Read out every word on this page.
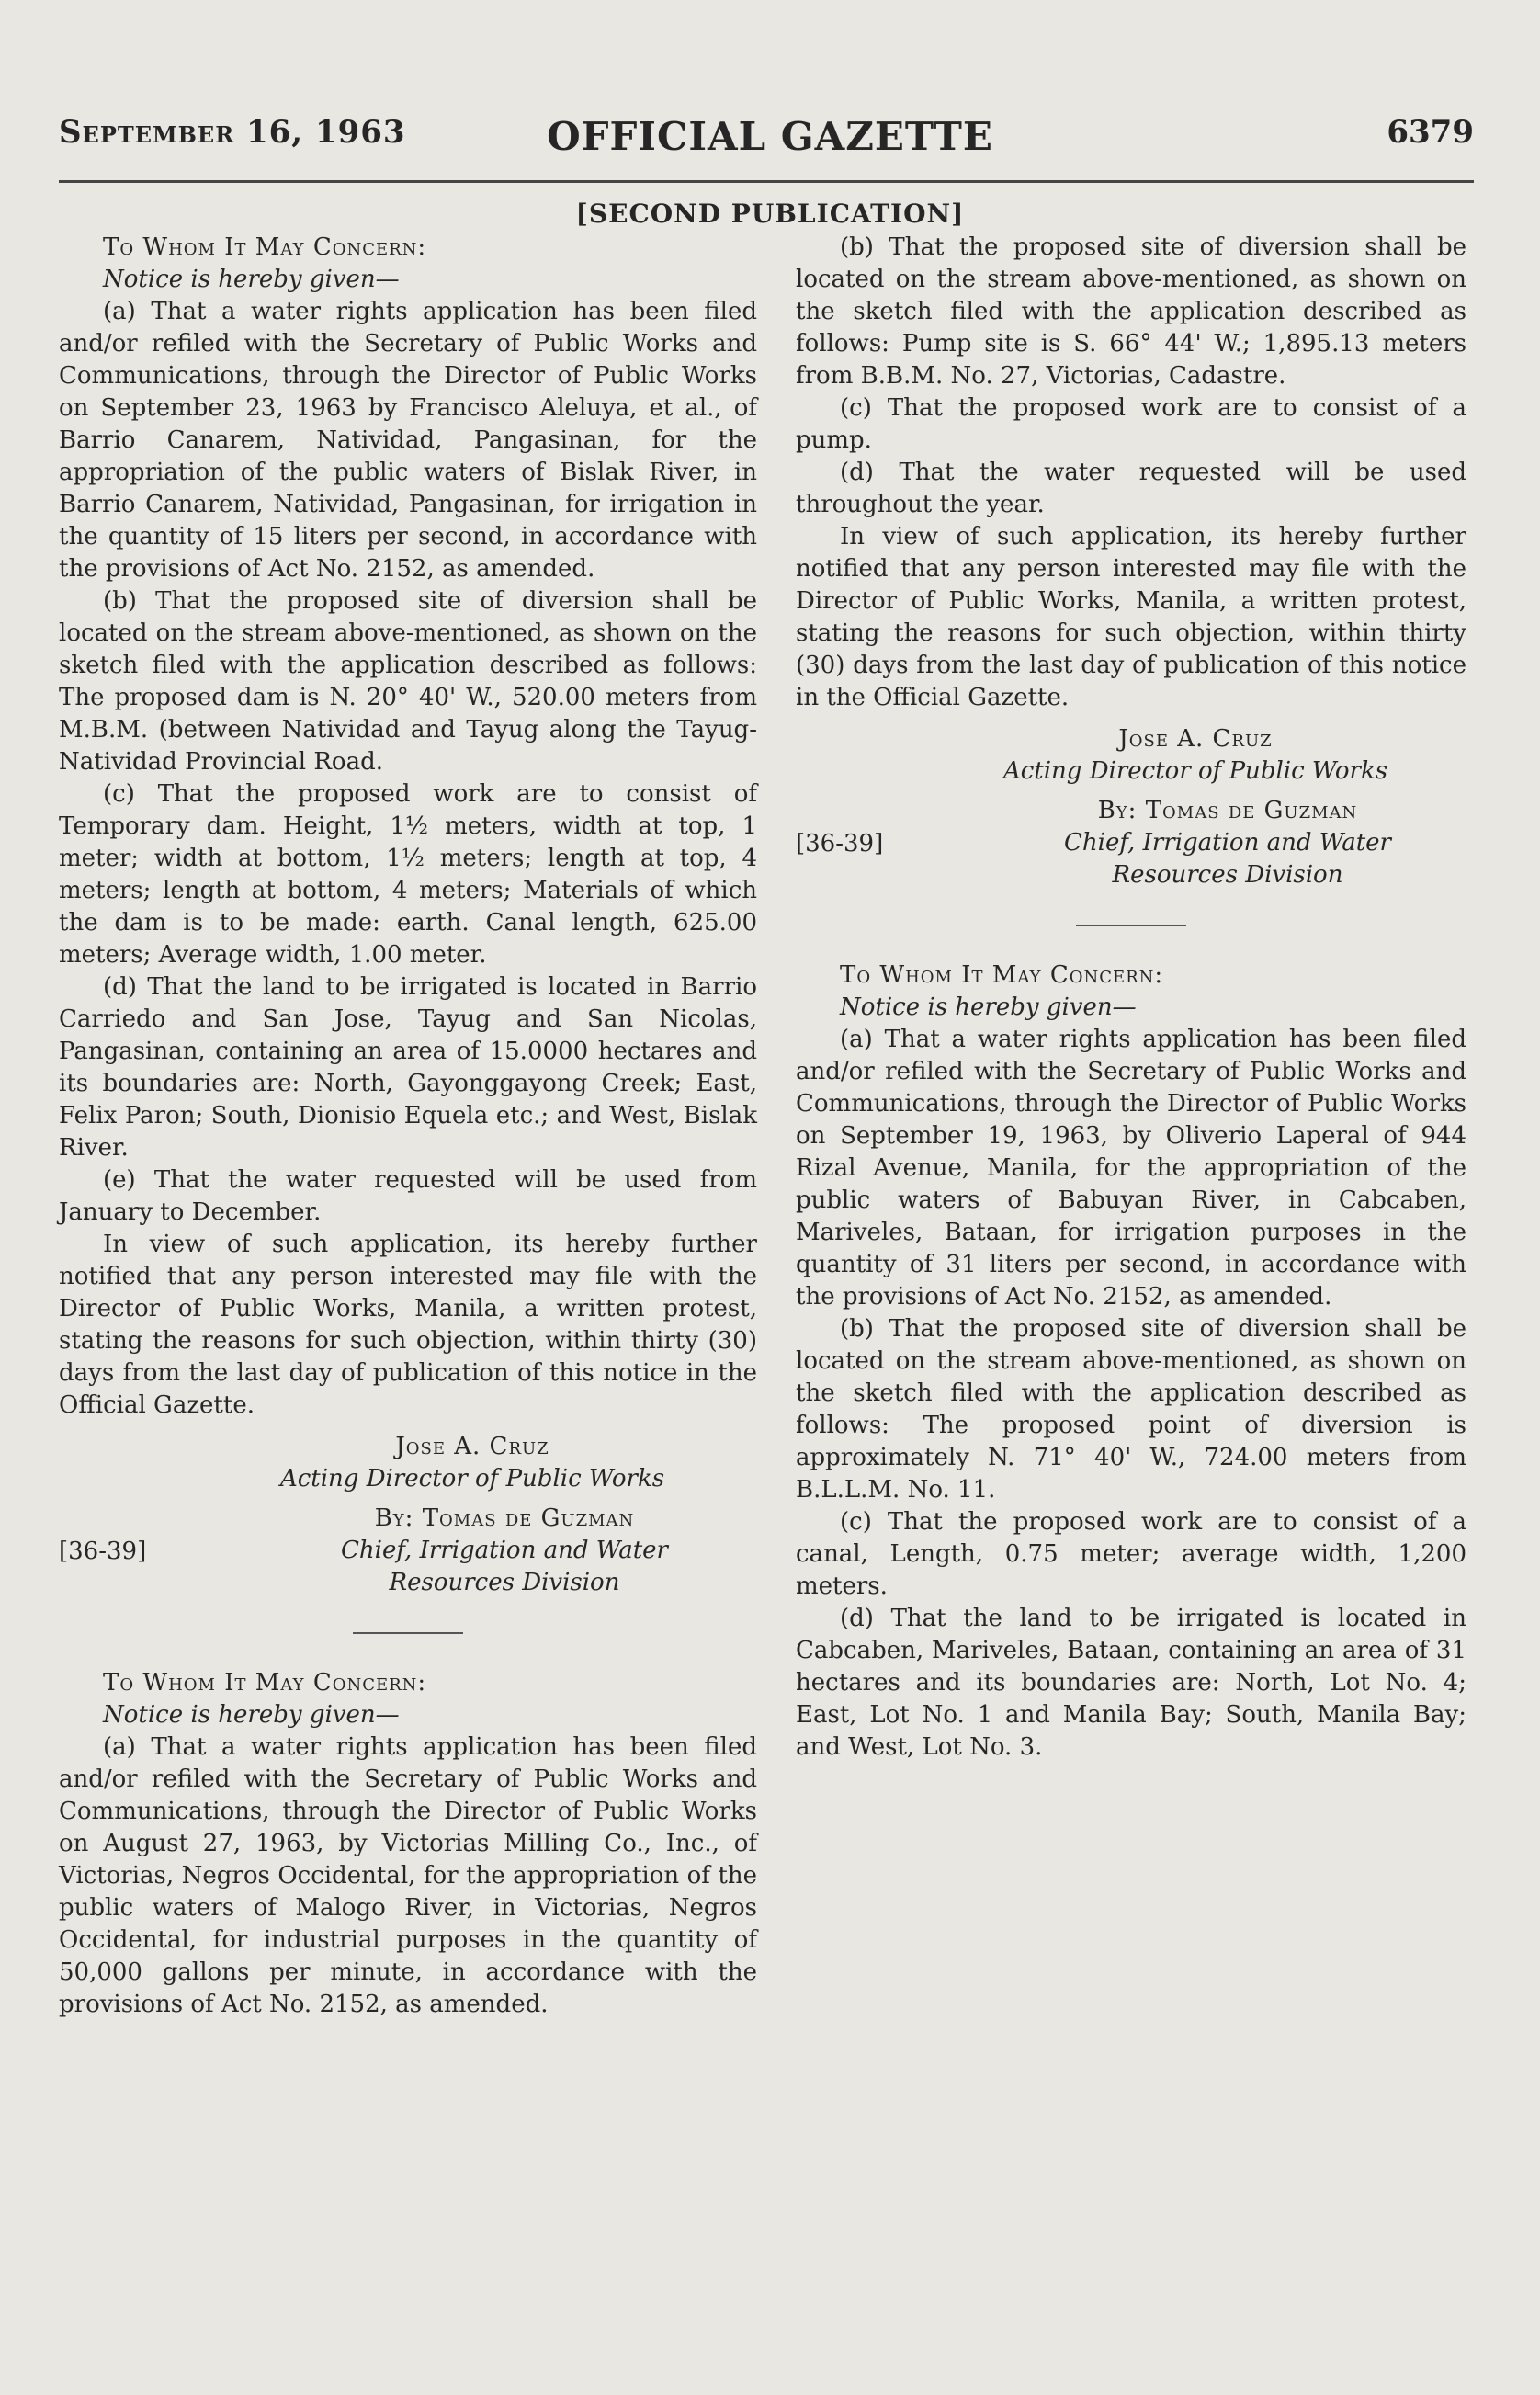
September 16, 1963	OFFICIAL GAZETTE	6379
[SECOND PUBLICATION]

To Whom It May Concern:

Notice is hereby given—

(a) That a water rights application has been filed and/or refiled with the Secretary of Public Works and Communications, through the Director of Public Works on September 23, 1963 by Francisco Aleluya, et al., of Barrio Canarem, Natividad, Pangasinan, for the appropriation of the public waters of Bislak River, in Barrio Canarem, Natividad, Pangasinan, for irrigation in the quantity of 15 liters per second, in accordance with the provisions of Act No. 2152, as amended.

(b) That the proposed site of diversion shall be located on the stream above-mentioned, as shown on the sketch filed with the application described as follows: The proposed dam is N. 20° 40' W., 520.00 meters from M.B.M. (between Natividad and Tayug along the Tayug-Natividad Provincial Road.

(c) That the proposed work are to consist of Temporary dam. Height, 1½ meters, width at top, 1 meter; width at bottom, 1½ meters; length at top, 4 meters; length at bottom, 4 meters; Materials of which the dam is to be made: earth. Canal length, 625.00 meters; Average width, 1.00 meter.

(d) That the land to be irrigated is located in Barrio Carriedo and San Jose, Tayug and San Nicolas, Pangasinan, containing an area of 15.0000 hectares and its boundaries are: North, Gayonggayong Creek; East, Felix Paron; South, Dionisio Equela etc.; and West, Bislak River.

(e) That the water requested will be used from January to December.

In view of such application, its hereby further notified that any person interested may file with the Director of Public Works, Manila, a written protest, stating the reasons for such objection, within thirty (30) days from the last day of publication of this notice in the Official Gazette.

Jose A. Cruz
Acting Director of Public Works
[36-39]
By: Tomas de Guzman
Chief, Irrigation and Water
Resources Division

To Whom It May Concern:

Notice is hereby given—

(a) That a water rights application has been filed and/or refiled with the Secretary of Public Works and Communications, through the Director of Public Works on August 27, 1963, by Victorias Milling Co., Inc., of Victorias, Negros Occidental, for the appropriation of the public waters of Malogo River, in Victorias, Negros Occidental, for industrial purposes in the quantity of 50,000 gallons per minute, in accordance with the provisions of Act No. 2152, as amended.

(b) That the proposed site of diversion shall be located on the stream above-mentioned, as shown on the sketch filed with the application described as follows: Pump site is S. 66° 44' W.; 1,895.13 meters from B.B.M. No. 27, Victorias, Cadastre.

(c) That the proposed work are to consist of a pump.

(d) That the water requested will be used throughout the year.

In view of such application, its hereby further notified that any person interested may file with the Director of Public Works, Manila, a written protest, stating the reasons for such objection, within thirty (30) days from the last day of publication of this notice in the Official Gazette.

Jose A. Cruz
Acting Director of Public Works
[36-39]
By: Tomas de Guzman
Chief, Irrigation and Water
Resources Division

To Whom It May Concern:

Notice is hereby given—

(a) That a water rights application has been filed and/or refiled with the Secretary of Public Works and Communications, through the Director of Public Works on September 19, 1963, by Oliverio Laperal of 944 Rizal Avenue, Manila, for the appropriation of the public waters of Babuyan River, in Cabcaben, Mariveles, Bataan, for irrigation purposes in the quantity of 31 liters per second, in accordance with the provisions of Act No. 2152, as amended.

(b) That the proposed site of diversion shall be located on the stream above-mentioned, as shown on the sketch filed with the application described as follows: The proposed point of diversion is approximately N. 71° 40' W., 724.00 meters from B.L.L.M. No. 11.

(c) That the proposed work are to consist of a canal, Length, 0.75 meter; average width, 1,200 meters.

(d) That the land to be irrigated is located in Cabcaben, Mariveles, Bataan, containing an area of 31 hectares and its boundaries are: North, Lot No. 4; East, Lot No. 1 and Manila Bay; South, Manila Bay; and West, Lot No. 3.
